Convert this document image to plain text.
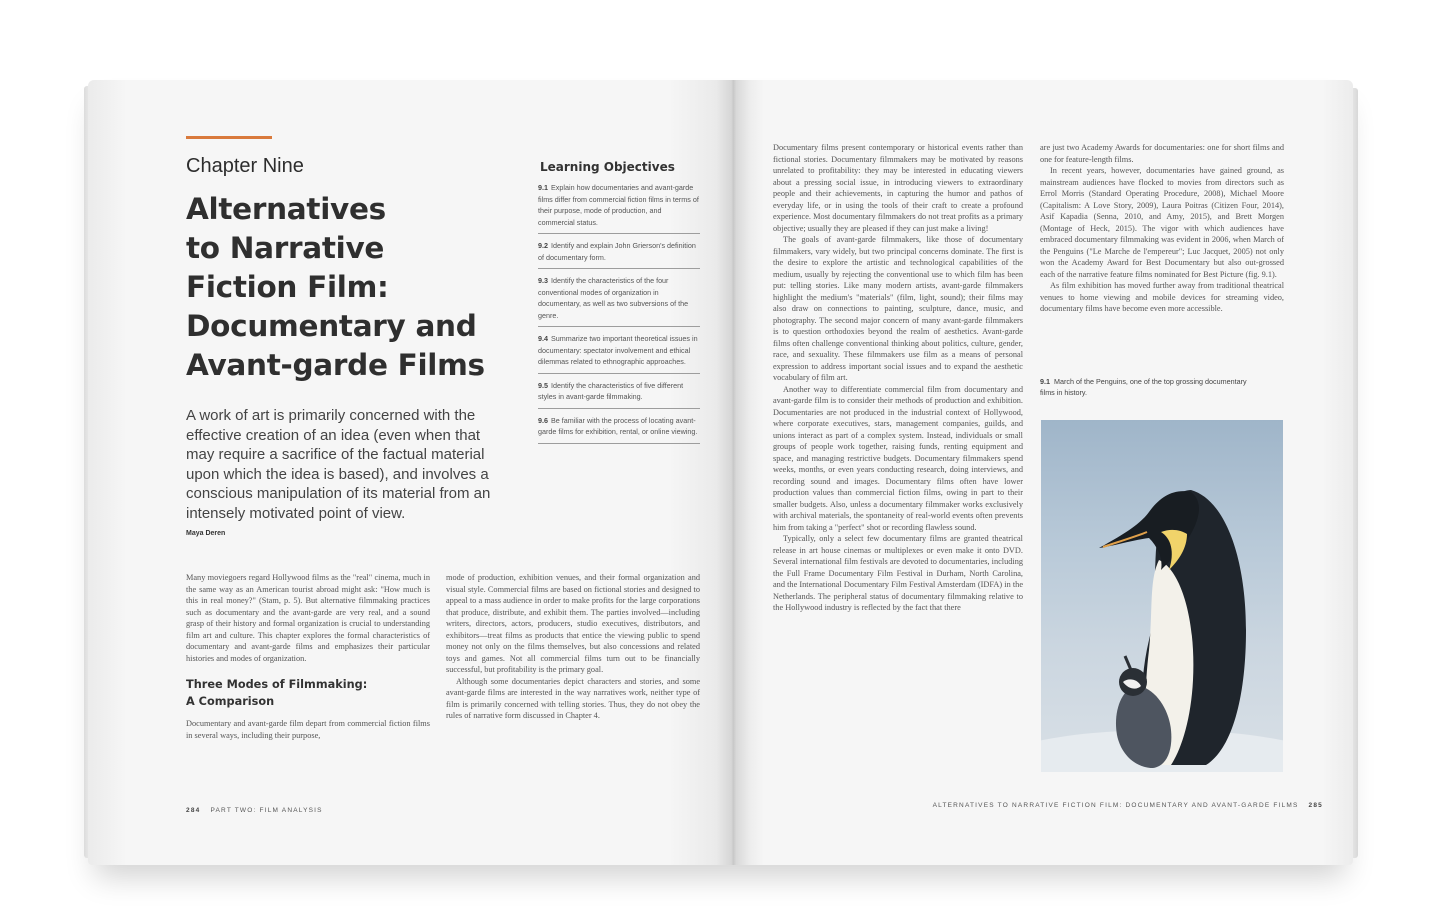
Chapter Nine
Alternatives
to Narrative
Fiction Film:
Documentary and
Avant-garde Films
Learning Objectives
9.1 Explain how documentaries and avant-garde films differ from commercial fiction films in terms of their purpose, mode of production, and commercial status.
9.2 Identify and explain John Grierson's definition of documentary form.
9.3 Identify the characteristics of the four conventional modes of organization in documentary, as well as two subversions of the genre.
9.4 Summarize two important theoretical issues in documentary: spectator involvement and ethical dilemmas related to ethnographic approaches.
9.5 Identify the characteristics of five different styles in avant-garde filmmaking.
9.6 Be familiar with the process of locating avant-garde films for exhibition, rental, or online viewing.
A work of art is primarily concerned with the effective creation of an idea (even when that may require a sacrifice of the factual material upon which the idea is based), and involves a conscious manipulation of its material from an intensely motivated point of view.
Maya Deren

Many moviegoers regard Hollywood films as the "real" cinema, much in the same way as an American tourist abroad might ask: "How much is this in real money?" (Stam, p. 5). But alternative filmmaking practices such as documentary and the avant-garde are very real, and a sound grasp of their history and formal organization is crucial to understanding film art and culture. This chapter explores the formal characteristics of documentary and avant-garde films and emphasizes their particular histories and modes of organization.

Three Modes of Filmmaking:
A Comparison

Documentary and avant-garde film depart from commercial fiction films in several ways, including their purpose,

mode of production, exhibition venues, and their formal organization and visual style. Commercial films are based on fictional stories and designed to appeal to a mass audience in order to make profits for the large corporations that produce, distribute, and exhibit them. The parties involved—including writers, directors, actors, producers, studio executives, distributors, and exhibitors—treat films as products that entice the viewing public to spend money not only on the films themselves, but also concessions and related toys and games. Not all commercial films turn out to be financially successful, but profitability is the primary goal.

Although some documentaries depict characters and stories, and some avant-garde films are interested in the way narratives work, neither type of film is primarily concerned with telling stories. Thus, they do not obey the rules of narrative form discussed in Chapter 4.

284 PART TWO: FILM ANALYSIS

Documentary films present contemporary or historical events rather than fictional stories. Documentary filmmakers may be motivated by reasons unrelated to profitability: they may be interested in educating viewers about a pressing social issue, in introducing viewers to extraordinary people and their achievements, in capturing the humor and pathos of everyday life, or in using the tools of their craft to create a profound experience. Most documentary filmmakers do not treat profits as a primary objective; usually they are pleased if they can just make a living!

The goals of avant-garde filmmakers, like those of documentary filmmakers, vary widely, but two principal concerns dominate. The first is the desire to explore the artistic and technological capabilities of the medium, usually by rejecting the conventional use to which film has been put: telling stories. Like many modern artists, avant-garde filmmakers highlight the medium's "materials" (film, light, sound); their films may also draw on connections to painting, sculpture, dance, music, and photography. The second major concern of many avant-garde filmmakers is to question orthodoxies beyond the realm of aesthetics. Avant-garde films often challenge conventional thinking about politics, culture, gender, race, and sexuality. These filmmakers use film as a means of personal expression to address important social issues and to expand the aesthetic vocabulary of film art.

Another way to differentiate commercial film from documentary and avant-garde film is to consider their methods of production and exhibition. Documentaries are not produced in the industrial context of Hollywood, where corporate executives, stars, management companies, guilds, and unions interact as part of a complex system. Instead, individuals or small groups of people work together, raising funds, renting equipment and space, and managing restrictive budgets. Documentary filmmakers spend weeks, months, or even years conducting research, doing interviews, and recording sound and images. Documentary films often have lower production values than commercial fiction films, owing in part to their smaller budgets. Also, unless a documentary filmmaker works exclusively with archival materials, the spontaneity of real-world events often prevents him from taking a "perfect" shot or recording flawless sound.

Typically, only a select few documentary films are granted theatrical release in art house cinemas or multiplexes or even make it onto DVD. Several international film festivals are devoted to documentaries, including the Full Frame Documentary Film Festival in Durham, North Carolina, and the International Documentary Film Festival Amsterdam (IDFA) in the Netherlands. The peripheral status of documentary filmmaking relative to the Hollywood industry is reflected by the fact that there

are just two Academy Awards for documentaries: one for short films and one for feature-length films.

In recent years, however, documentaries have gained ground, as mainstream audiences have flocked to movies from directors such as Errol Morris (Standard Operating Procedure, 2008), Michael Moore (Capitalism: A Love Story, 2009), Laura Poitras (Citizen Four, 2014), Asif Kapadia (Senna, 2010, and Amy, 2015), and Brett Morgen (Montage of Heck, 2015). The vigor with which audiences have embraced documentary filmmaking was evident in 2006, when March of the Penguins ("Le Marche de l'empereur"; Luc Jacquet, 2005) not only won the Academy Award for Best Documentary but also out-grossed each of the narrative feature films nominated for Best Picture (fig. 9.1).

As film exhibition has moved further away from traditional theatrical venues to home viewing and mobile devices for streaming video, documentary films have become even more accessible.

9.1 March of the Penguins, one of the top grossing documentary films in history.
ALTERNATIVES TO NARRATIVE FICTION FILM: DOCUMENTARY AND AVANT-GARDE FILMS 285
